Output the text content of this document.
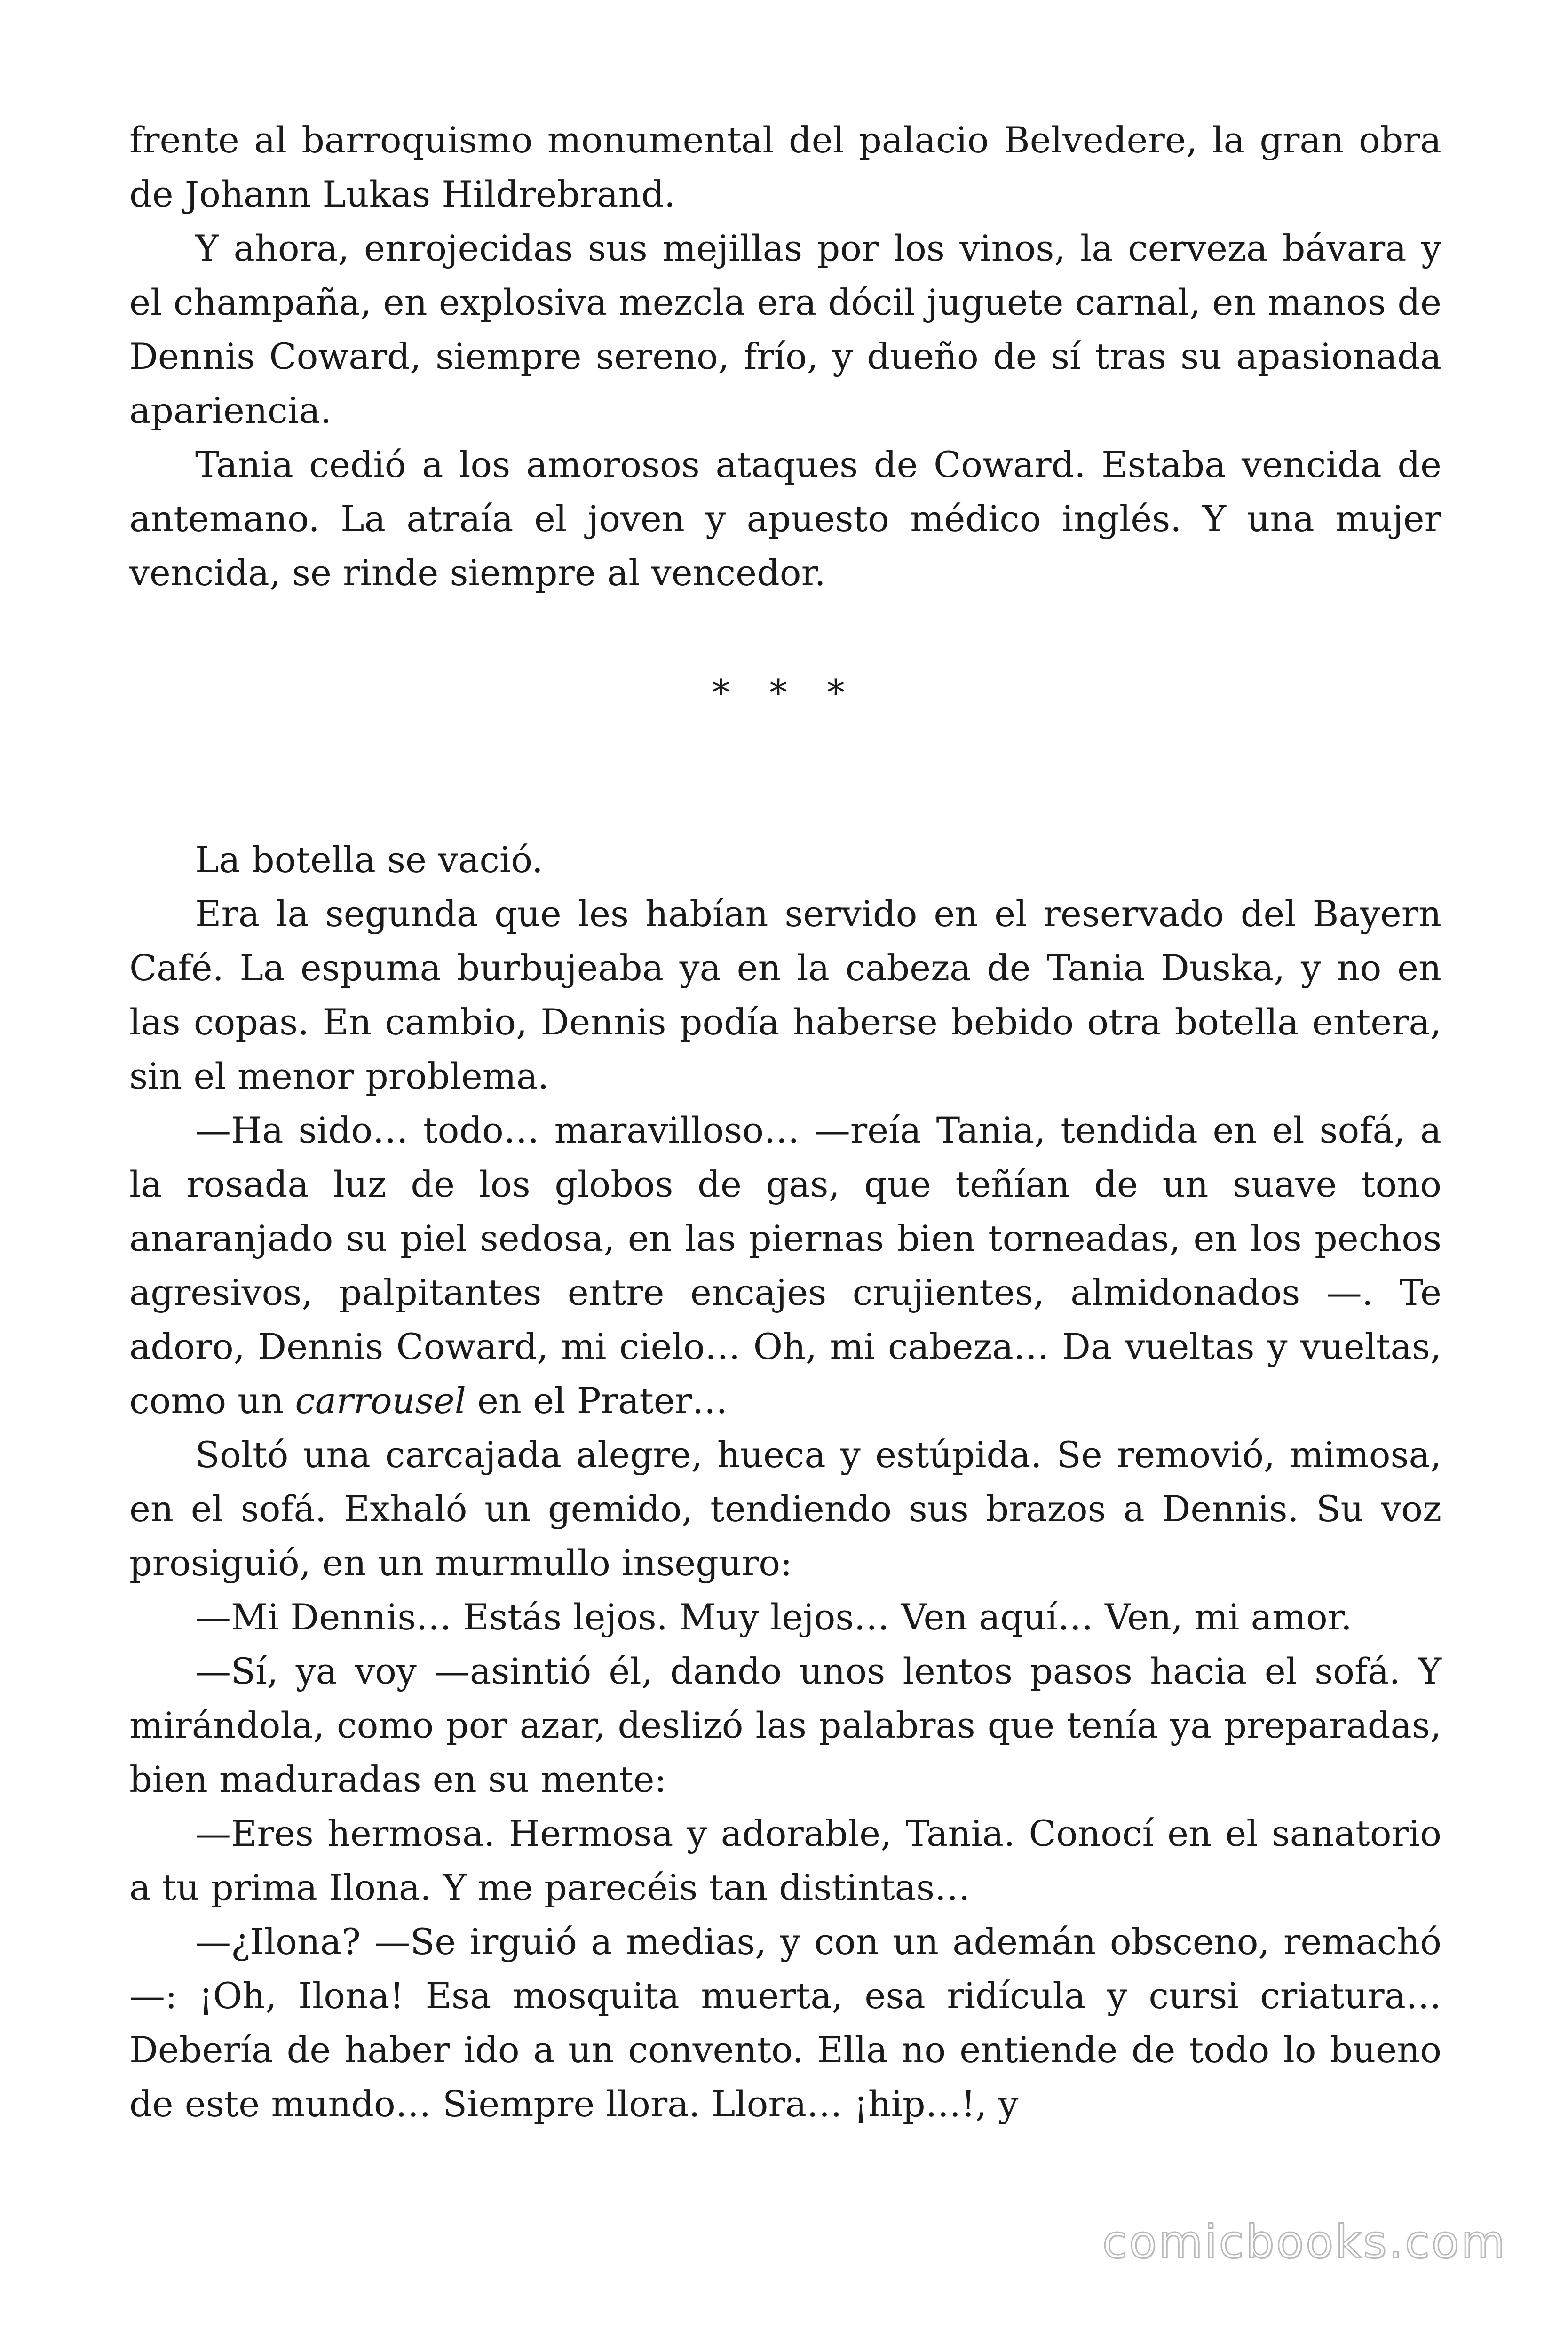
frente al barroquismo monumental del palacio Belvedere, la gran obra de Johann Lukas Hildrebrand.

Y ahora, enrojecidas sus mejillas por los vinos, la cerveza bávara y el champaña, en explosiva mezcla era dócil juguete carnal, en manos de Dennis Coward, siempre sereno, frío, y dueño de sí tras su apasionada apariencia.

Tania cedió a los amorosos ataques de Coward. Estaba vencida de antemano. La atraía el joven y apuesto médico inglés. Y una mujer vencida, se rinde siempre al vencedor.

* * *

La botella se vació.

Era la segunda que les habían servido en el reservado del Bayern Café. La espuma burbujeaba ya en la cabeza de Tania Duska, y no en las copas. En cambio, Dennis podía haberse bebido otra botella entera, sin el menor problema.

—Ha sido… todo… maravilloso… —reía Tania, tendida en el sofá, a la rosada luz de los globos de gas, que teñían de un suave tono anaranjado su piel sedosa, en las piernas bien torneadas, en los pechos agresivos, palpitantes entre encajes crujientes, almidonados —. Te adoro, Dennis Coward, mi cielo… Oh, mi cabeza… Da vueltas y vueltas, como un carrousel en el Prater…

Soltó una carcajada alegre, hueca y estúpida. Se removió, mimosa, en el sofá. Exhaló un gemido, tendiendo sus brazos a Dennis. Su voz prosiguió, en un murmullo inseguro:

—Mi Dennis… Estás lejos. Muy lejos… Ven aquí… Ven, mi amor.

—Sí, ya voy —asintió él, dando unos lentos pasos hacia el sofá. Y mirándola, como por azar, deslizó las palabras que tenía ya preparadas, bien maduradas en su mente:

—Eres hermosa. Hermosa y adorable, Tania. Conocí en el sanatorio a tu prima Ilona. Y me parecéis tan distintas…

—¿Ilona? —Se irguió a medias, y con un ademán obsceno, remachó—: ¡Oh, Ilona! Esa mosquita muerta, esa ridícula y cursi criatura… Debería de haber ido a un convento. Ella no entiende de todo lo bueno de este mundo… Siempre llora. Llora… ¡hip…!, y

comicbooks.com
